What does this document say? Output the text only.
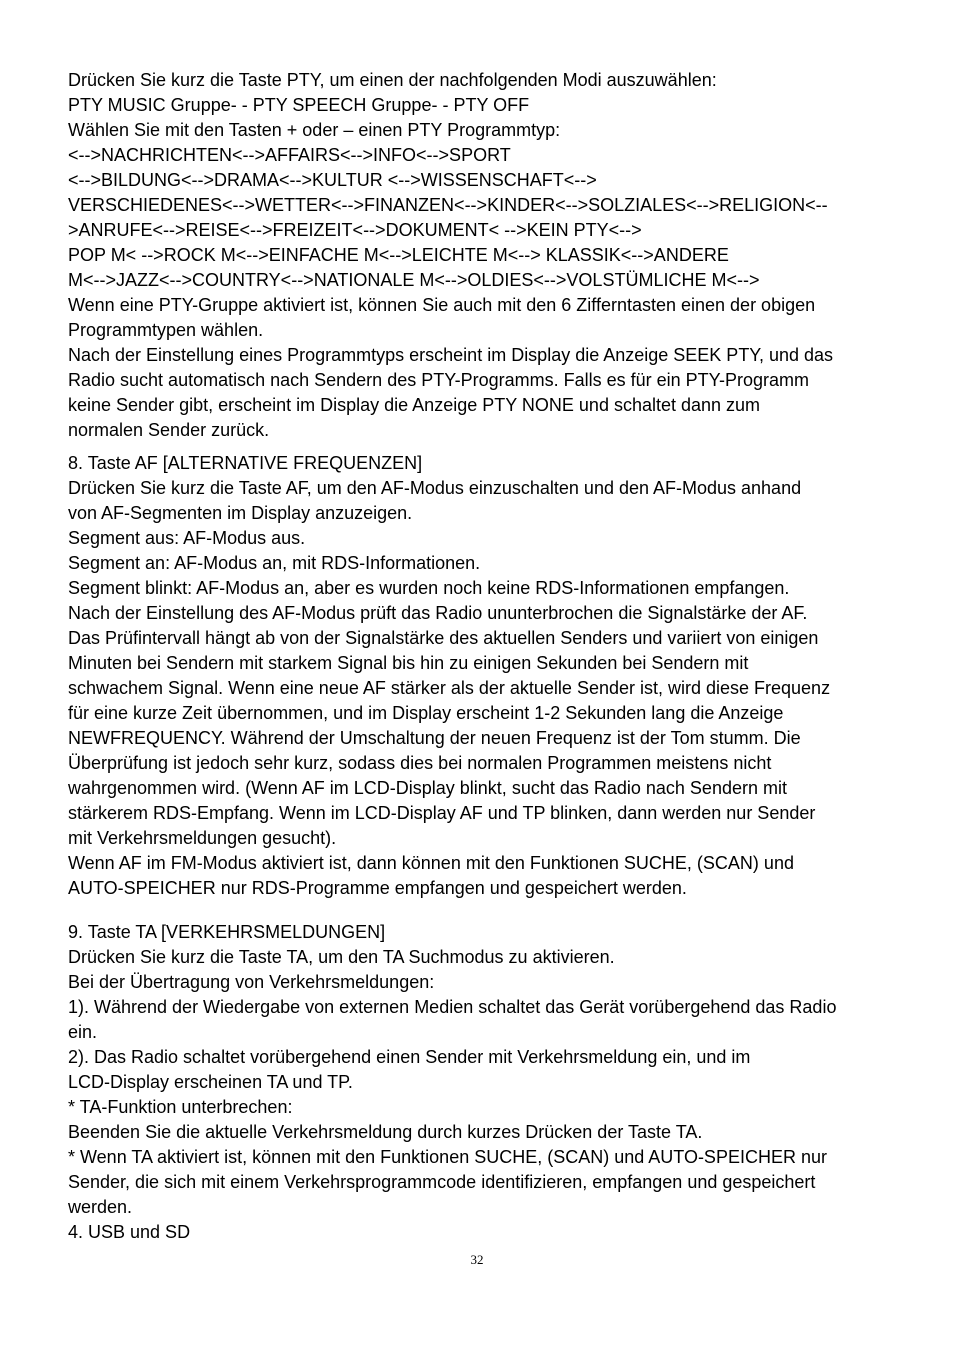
Drücken Sie kurz die Taste PTY, um einen der nachfolgenden Modi auszuwählen:
PTY MUSIC Gruppe- - PTY SPEECH Gruppe- - PTY OFF
Wählen Sie mit den Tasten + oder – einen PTY Programmtyp:
<-->NACHRICHTEN<-->AFFAIRS<-->INFO<-->SPORT
<-->BILDUNG<-->DRAMA<-->KULTUR <-->WISSENSCHAFT<-->
VERSCHIEDENES<-->WETTER<-->FINANZEN<-->KINDER<-->SOLZIALES<-->RELIGION<--
>ANRUFE<-->REISE<-->FREIZEIT<-->DOKUMENT< -->KEIN PTY<-->
POP M< -->ROCK M<-->EINFACHE M<-->LEICHTE M<--> KLASSIK<-->ANDERE
M<-->JAZZ<-->COUNTRY<-->NATIONALE M<-->OLDIES<-->VOLSTÜMLICHE M<-->
Wenn eine PTY-Gruppe aktiviert ist, können Sie auch mit den 6 Zifferntasten einen der obigen
Programmtypen wählen.
Nach der Einstellung eines Programmtyps erscheint im Display die Anzeige SEEK PTY, und das
Radio sucht automatisch nach Sendern des PTY-Programms. Falls es für ein PTY-Programm
keine Sender gibt, erscheint im Display die Anzeige PTY NONE und schaltet dann zum
normalen Sender zurück.
8. Taste AF [ALTERNATIVE FREQUENZEN]
Drücken Sie kurz die Taste AF, um den AF-Modus einzuschalten und den AF-Modus anhand
von AF-Segmenten im Display anzuzeigen.
Segment aus: AF-Modus aus.
Segment an: AF-Modus an, mit RDS-Informationen.
Segment blinkt: AF-Modus an, aber es wurden noch keine RDS-Informationen empfangen.
Nach der Einstellung des AF-Modus prüft das Radio ununterbrochen die Signalstärke der AF.
Das Prüfintervall hängt ab von der Signalstärke des aktuellen Senders und variiert von einigen
Minuten bei Sendern mit starkem Signal bis hin zu einigen Sekunden bei Sendern mit
schwachem Signal. Wenn eine neue AF stärker als der aktuelle Sender ist, wird diese Frequenz
für eine kurze Zeit übernommen, und im Display erscheint 1-2 Sekunden lang die Anzeige
NEWFREQUENCY. Während der Umschaltung der neuen Frequenz ist der Tom stumm. Die
Überprüfung ist jedoch sehr kurz, sodass dies bei normalen Programmen meistens nicht
wahrgenommen wird. (Wenn AF im LCD-Display blinkt, sucht das Radio nach Sendern mit
stärkerem RDS-Empfang. Wenn im LCD-Display AF und TP blinken, dann werden nur Sender
mit Verkehrsmeldungen gesucht).
Wenn AF im FM-Modus aktiviert ist, dann können mit den Funktionen SUCHE, (SCAN) und
AUTO-SPEICHER nur RDS-Programme empfangen und gespeichert werden.
9. Taste TA [VERKEHRSMELDUNGEN]
Drücken Sie kurz die Taste TA, um den TA Suchmodus zu aktivieren.
Bei der Übertragung von Verkehrsmeldungen:
1). Während der Wiedergabe von externen Medien schaltet das Gerät vorübergehend das Radio
ein.
2). Das Radio schaltet vorübergehend einen Sender mit Verkehrsmeldung ein, und im
LCD-Display erscheinen TA und TP.
* TA-Funktion unterbrechen:
Beenden Sie die aktuelle Verkehrsmeldung durch kurzes Drücken der Taste TA.
* Wenn TA aktiviert ist, können mit den Funktionen SUCHE, (SCAN) und AUTO-SPEICHER nur
Sender, die sich mit einem Verkehrsprogrammcode identifizieren, empfangen und gespeichert
werden.
4. USB und SD
32
